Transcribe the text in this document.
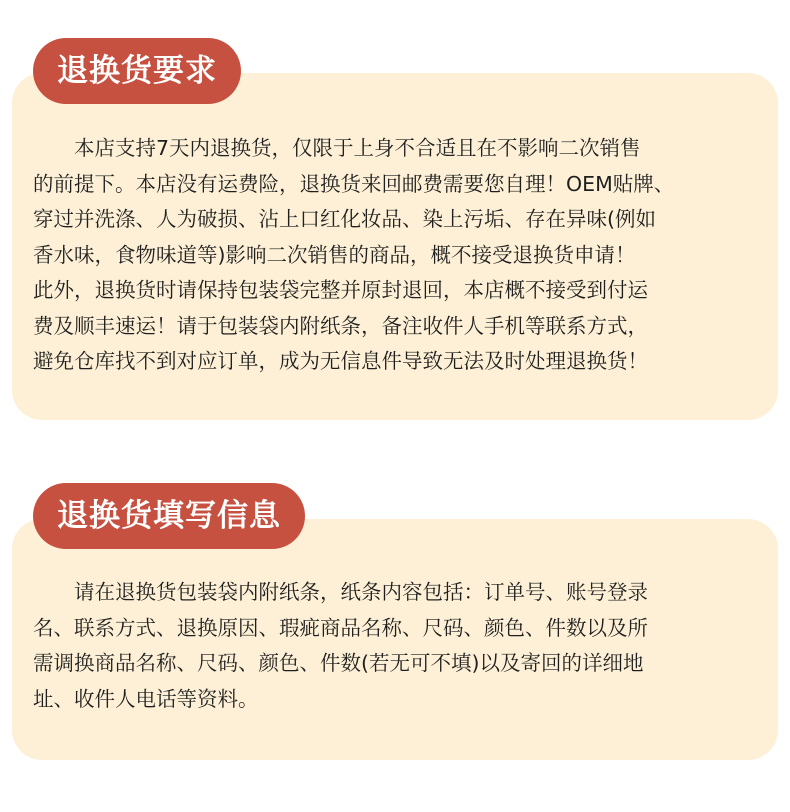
退换货要求
　　本店支持7天内退换货，仅限于上身不合适且在不影响二次销售
的前提下。本店没有运费险，退换货来回邮费需要您自理！OEM贴牌、
穿过并洗涤、人为破损、沾上口红化妆品、染上污垢、存在异味(例如
香水味，食物味道等)影响二次销售的商品，概不接受退换货申请！
此外，退换货时请保持包装袋完整并原封退回，本店概不接受到付运
费及顺丰速运！请于包装袋内附纸条，备注收件人手机等联系方式，
避免仓库找不到对应订单，成为无信息件导致无法及时处理退换货！
退换货填写信息
　　请在退换货包装袋内附纸条，纸条内容包括：订单号、账号登录
名、联系方式、退换原因、瑕疵商品名称、尺码、颜色、件数以及所
需调换商品名称、尺码、颜色、件数(若无可不填)以及寄回的详细地
址、收件人电话等资料。
